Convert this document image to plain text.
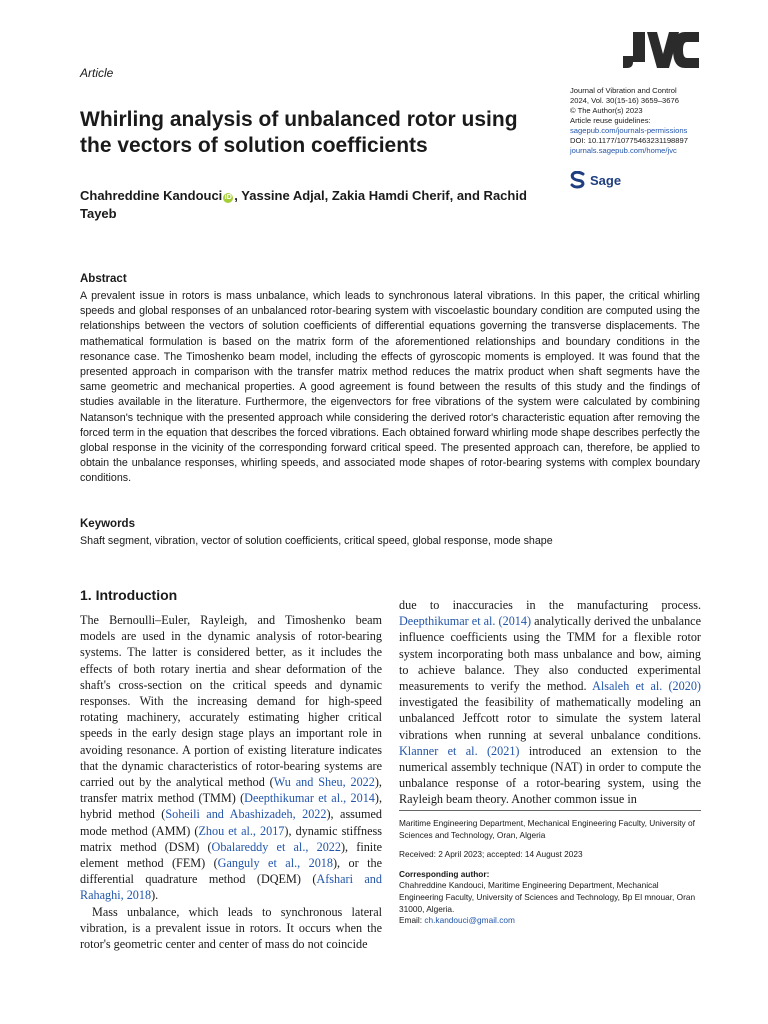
Article
Journal of Vibration and Control
2024, Vol. 30(15-16) 3659–3676
© The Author(s) 2023
Article reuse guidelines:
sagepub.com/journals-permissions
DOI: 10.1177/10775463231198897
journals.sagepub.com/home/jvc
Sage
Whirling analysis of unbalanced rotor using the vectors of solution coefficients
Chahreddine Kandouci iD , Yassine Adjal, Zakia Hamdi Cherif, and Rachid Tayeb
Abstract
A prevalent issue in rotors is mass unbalance, which leads to synchronous lateral vibrations. In this paper, the critical whirling speeds and global responses of an unbalanced rotor-bearing system with viscoelastic boundary condition are computed using the relationships between the vectors of solution coefficients of differential equations governing the transverse displacements. The mathematical formulation is based on the matrix form of the aforementioned relationships and boundary conditions in the resonance case. The Timoshenko beam model, including the effects of gyroscopic moments is employed. It was found that the presented approach in comparison with the transfer matrix method reduces the matrix product when shaft segments have the same geometric and mechanical properties. A good agreement is found between the results of this study and the findings of studies available in the literature. Furthermore, the eigenvectors for free vibrations of the system were calculated by combining Natanson's technique with the presented approach while considering the derived rotor's characteristic equation after removing the forced term in the equation that describes the forced vibrations. Each obtained forward whirling mode shape describes perfectly the global response in the vicinity of the corresponding forward critical speed. The presented approach can, therefore, be applied to obtain the unbalance responses, whirling speeds, and associated mode shapes of rotor-bearing systems with complex boundary conditions.
Keywords
Shaft segment, vibration, vector of solution coefficients, critical speed, global response, mode shape
1. Introduction

The Bernoulli–Euler, Rayleigh, and Timoshenko beam models are used in the dynamic analysis of rotor-bearing systems. The latter is considered better, as it includes the effects of both rotary inertia and shear deformation of the shaft's cross-section on the critical speeds and dynamic responses. With the increasing demand for high-speed rotating machinery, accurately estimating higher critical speeds in the early design stage plays an important role in avoiding resonance. A portion of existing literature indicates that the dynamic characteristics of rotor-bearing systems are carried out by the analytical method (Wu and Sheu, 2022), transfer matrix method (TMM) (Deepthikumar et al., 2014), hybrid method (Soheili and Abashizadeh, 2022), assumed mode method (AMM) (Zhou et al., 2017), dynamic stiffness matrix method (DSM) (Obalareddy et al., 2022), finite element method (FEM) (Ganguly et al., 2018), or the differential quadrature method (DQEM) (Afshari and Rahaghi, 2018).

Mass unbalance, which leads to synchronous lateral vibration, is a prevalent issue in rotors. It occurs when the rotor's geometric center and center of mass do not coincide

due to inaccuracies in the manufacturing process. Deepthikumar et al. (2014) analytically derived the unbalance influence coefficients using the TMM for a flexible rotor system incorporating both mass unbalance and bow, aiming to achieve balance. They also conducted experimental measurements to verify the method. Alsaleh et al. (2020) investigated the feasibility of mathematically modeling an unbalanced Jeffcott rotor to simulate the system lateral vibrations when running at several unbalance conditions. Klanner et al. (2021) introduced an extension to the numerical assembly technique (NAT) in order to compute the unbalance response of a rotor-bearing system, using the Rayleigh beam theory. Another common issue in
Maritime Engineering Department, Mechanical Engineering Faculty, University of Sciences and Technology, Oran, Algeria
Received: 2 April 2023; accepted: 14 August 2023
Corresponding author:
Chahreddine Kandouci, Maritime Engineering Department, Mechanical Engineering Faculty, University of Sciences and Technology, Bp El mnouar, Oran 31000, Algeria.
Email: ch.kandouci@gmail.com
